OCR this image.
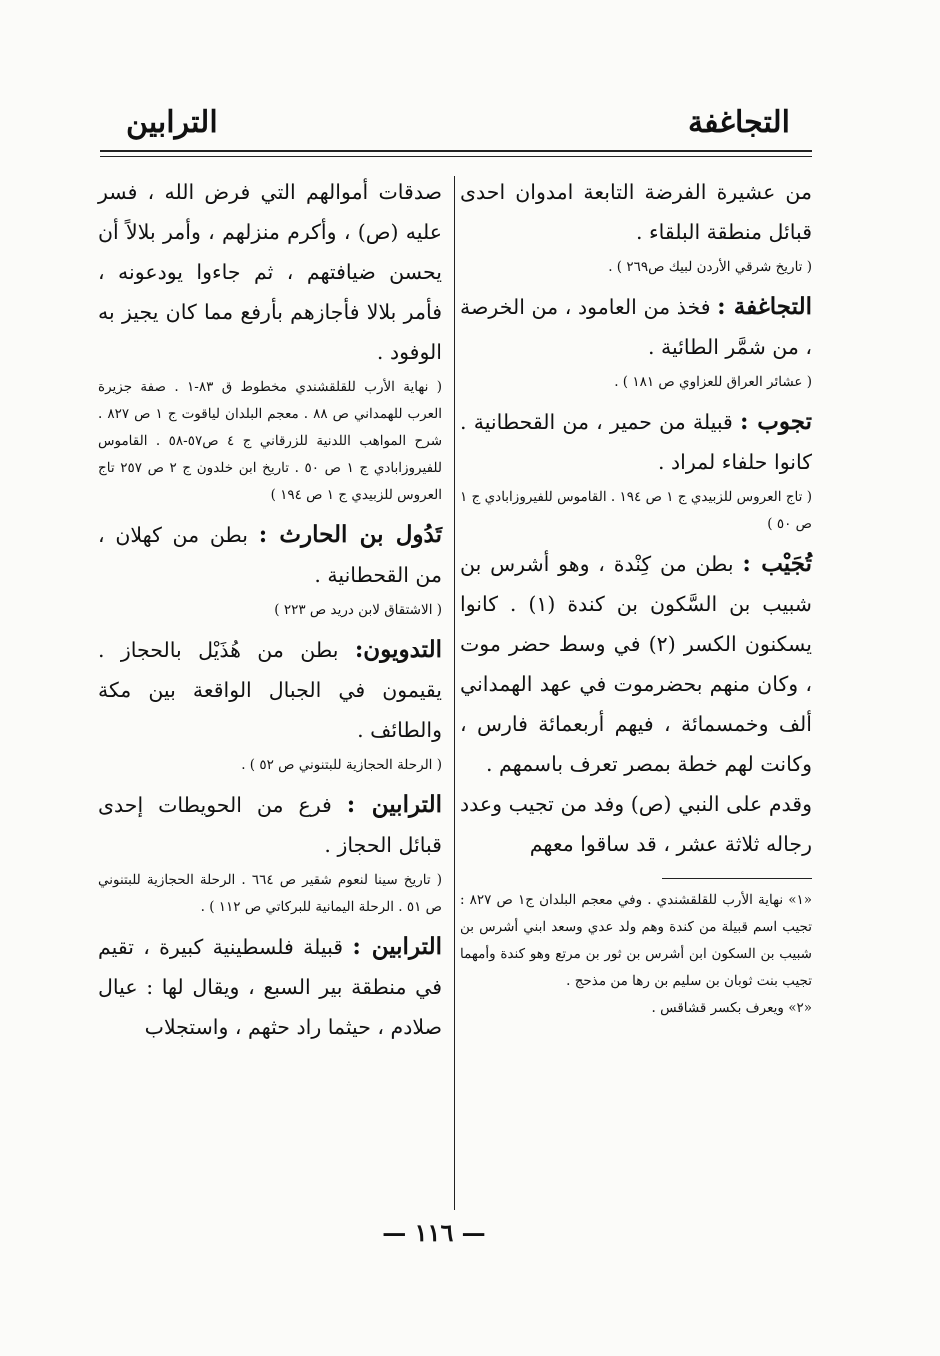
التجاغفة
الترابين
من عشيرة الفرضة التابعة امدوان احدى قبائل منطقة البلقاء .
( تاريخ شرقي الأردن لبيك ص٢٦٩ ) .
التجاغفة : فخذ من العامود ، من الخرصة ، من شمَّر الطائية .
( عشائر العراق للعزاوي ص ١٨١ ) .
تجوب : قبيلة من حمير ، من القحطانية . كانوا حلفاء لمراد .
( تاج العروس للزبيدي ج ١ ص ١٩٤ . القاموس للفيروزابادي ج ١ ص ٥٠ )
تُجَيْب : بطن من كِنْدة ، وهو أشرس بن شبيب بن السَّكون بن كندة (١) . كانوا يسكنون الكسر (٢) في وسط حضر موت ، وكان منهم بحضرموت في عهد الهمداني ألف وخمسمائة ، فيهم أربعمائة فارس ، وكانت لهم خطة بمصر تعرف باسمهم .
وقدم على النبي (ص) وفد من تجيب وعدد رجاله ثلاثة عشر ، قد ساقوا معهم
«١» نهاية الأرب للقلقشندي . وفي معجم البلدان ج١ ص ٨٢٧ : تجيب اسم قبيلة من كندة وهم ولد عدي وسعد ابني أشرس بن شبيب بن السكون ابن أشرس بن ثور بن مرتع وهو كندة وأمهما تجيب بنت ثوبان بن سليم بن رها من مذحج .
«٢» ويعرف بكسر قشاقس .
صدقات أموالهم التي فرض الله ، فسر عليه (ص) ، وأكرم منزلهم ، وأمر بلالاً أن يحسن ضيافتهم ، ثم جاءوا يودعونه ، فأمر بلالا فأجازهم بأرفع مما كان يجيز به الوفود .
( نهاية الأرب للقلقشندي مخطوط ق ٨٣-١ . صفة جزيرة العرب للهمداني ص ٨٨ . معجم البلدان لياقوت ج ١ ص ٨٢٧ . شرح المواهب اللدنية للزرقاني ج ٤ ص٥٧-٥٨ . القاموس للفيروزابادي ج ١ ص ٥٠ . تاريخ ابن خلدون ج ٢ ص ٢٥٧ تاج العروس للزبيدي ج ١ ص ١٩٤ )
تَدُول بن الحارث : بطن من كهلان ، من القحطانية .
( الاشتقاق لابن دريد ص ٢٢٣ )
التدويون: بطن من هُذَيْل بالحجاز . يقيمون في الجبال الواقعة بين مكة والطائف .
( الرحلة الحجازية للبتنوني ص ٥٢ ) .
الترابين : فرع من الحويطات إحدى قبائل الحجاز .
( تاريخ سينا لنعوم شقير ص ٦٦٤ . الرحلة الحجازية للبتنوني ص ٥١ . الرحلة اليمانية للبركاتي ص ١١٢ ) .
الترابين : قبيلة فلسطينية كبيرة ، تقيم في منطقة بير السبع ، ويقال لها : عيال صلادم ، حيثما راد حثهم ، واستجلاب
— ١١٦ —
